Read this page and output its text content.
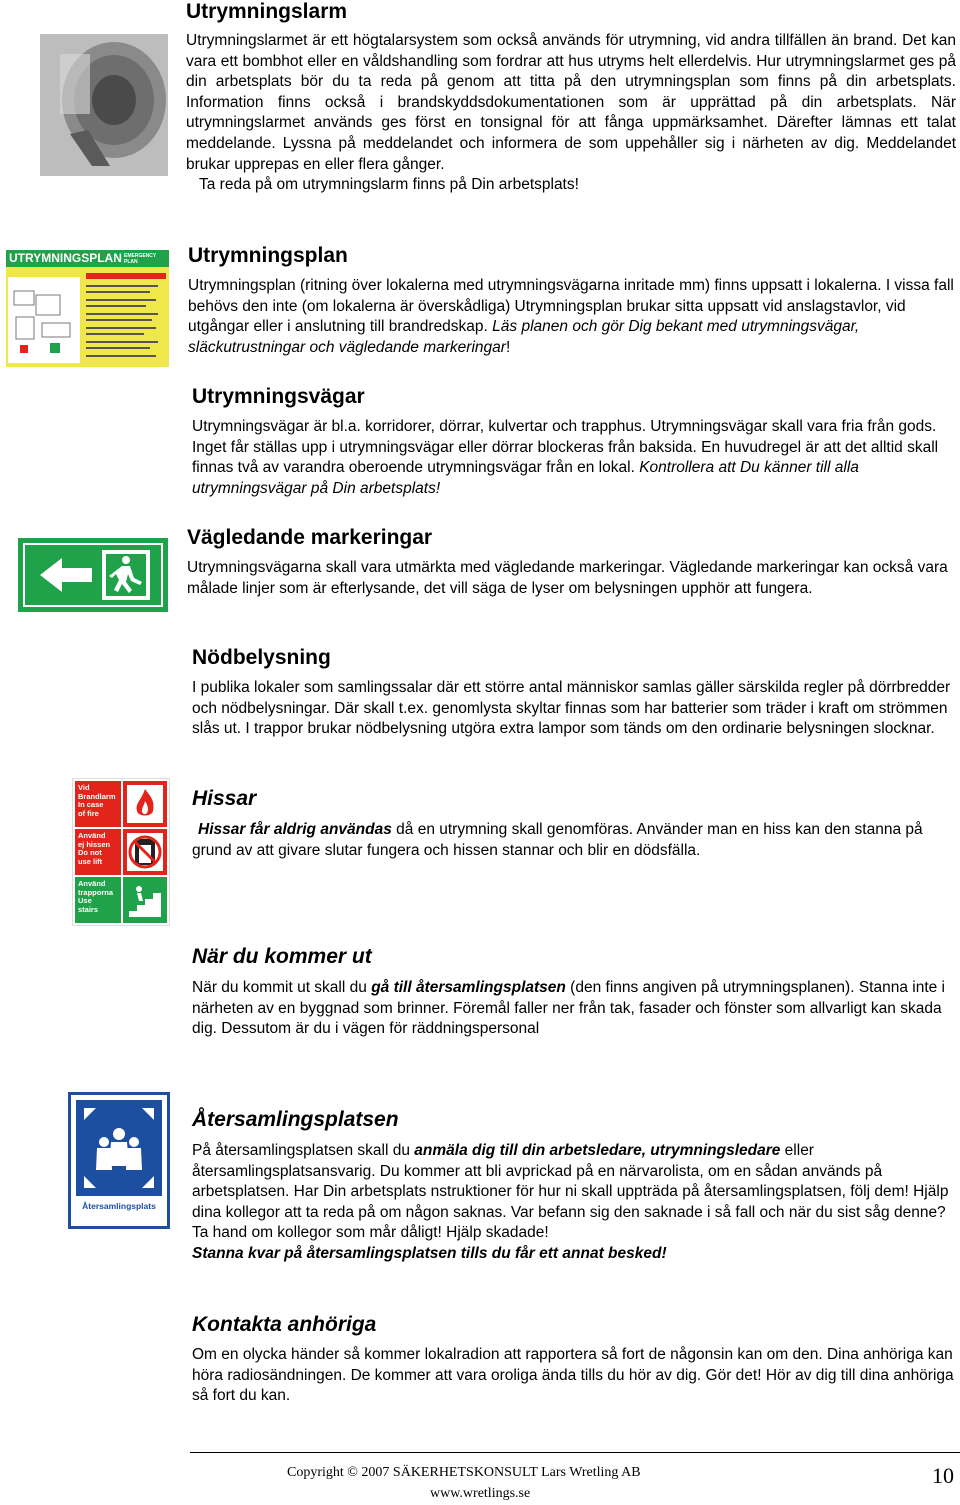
Utrymningslarm

Utrymningslarmet är ett högtalarsystem som också används för utrymning, vid andra tillfällen än brand. Det kan vara ett bombhot eller en våldshandling som fordrar att hus utryms helt ellerdelvis. Hur utrymningslarmet ges på din arbetsplats bör du ta reda på genom att titta på den utrymningsplan som finns på din arbetsplats. Information finns också i brandskyddsdokumentationen som är upprättad på din arbetsplats. När utrymningslarmet används ges först en tonsignal för att fånga uppmärksamhet. Därefter lämnas ett talat meddelande. Lyssna på meddelandet och informera de som uppehåller sig i närheten av dig. Meddelandet brukar upprepas en eller flera gånger.

Ta reda på om utrymningslarm finns på Din arbetsplats!

UTRYMNINGSPLAN EMERGENCY PLAN	Utrymningsplan

Utrymningsplan (ritning över lokalerna med utrymningsvägarna inritade mm) finns uppsatt i lokalerna. I vissa fall behövs den inte (om lokalerna är överskådliga) Utrymningsplan brukar sitta uppsatt vid anslagstavlor, vid utgångar eller i anslutning till brandredskap. Läs planen och gör Dig bekant med utrymningsvägar, släckutrustningar och vägledande markeringar!

Utrymningsvägar

Utrymningsvägar är bl.a. korridorer, dörrar, kulvertar och trapphus. Utrymningsvägar skall vara fria från gods. Inget får ställas upp i utrymningsvägar eller dörrar blockeras från baksida. En huvudregel är att det alltid skall finnas två av varandra oberoende utrymningsvägar från en lokal. Kontrollera att Du känner till alla utrymningsvägar på Din arbetsplats!

Vägledande markeringar

Utrymningsvägarna skall vara utmärkta med vägledande markeringar. Vägledande markeringar kan också vara målade linjer som är efterlysande, det vill säga de lyser om belysningen upphör att fungera.

Nödbelysning

I publika lokaler som samlingssalar där ett större antal människor samlas gäller särskilda regler på dörrbredder och nödbelysningar. Där skall t.ex. genomlysta skyltar finnas som har batterier som träder i kraft om strömmen slås ut. I trappor brukar nödbelysning utgöra extra lampor som tänds om den ordinarie belysningen slocknar.

Vid
Brandlarm
In case
of fire
Använd
ej hissen
Do not
use lift
Använd
trapporna
Use
stairs
Hissar

Hissar får aldrig användas då en utrymning skall genomföras. Använder man en hiss kan den stanna på grund av att givare slutar fungera och hissen stannar och blir en dödsfälla.

När du kommer ut

När du kommit ut skall du gå till återsamlingsplatsen (den finns angiven på utrymningsplanen). Stanna inte i närheten av en byggnad som brinner. Föremål faller ner från tak, fasader och fönster som allvarligt kan skada dig. Dessutom är du i vägen för räddningspersonal

Återsamlingsplats
Återsamlingsplatsen

På återsamlingsplatsen skall du anmäla dig till din arbetsledare, utrymningsledare eller återsamlingsplatsansvarig. Du kommer att bli avprickad på en närvarolista, om en sådan används på arbetsplatsen. Har Din arbetsplats nstruktioner för hur ni skall uppträda på återsamlingsplatsen, följ dem! Hjälp dina kollegor att ta reda på om någon saknas. Var befann sig den saknade i så fall och när du sist såg denne?

Ta hand om kollegor som mår dåligt! Hjälp skadade!

Stanna kvar på återsamlingsplatsen tills du får ett annat besked!

Kontakta anhöriga

Om en olycka händer så kommer lokalradion att rapportera så fort de någonsin kan om den. Dina anhöriga kan höra radiosändningen. De kommer att vara oroliga ända tills du hör av dig. Gör det! Hör av dig till dina anhöriga så fort du kan.

Copyright © 2007 SÄKERHETSKONSULT Lars Wretling AB
www.wretlings.se
10
